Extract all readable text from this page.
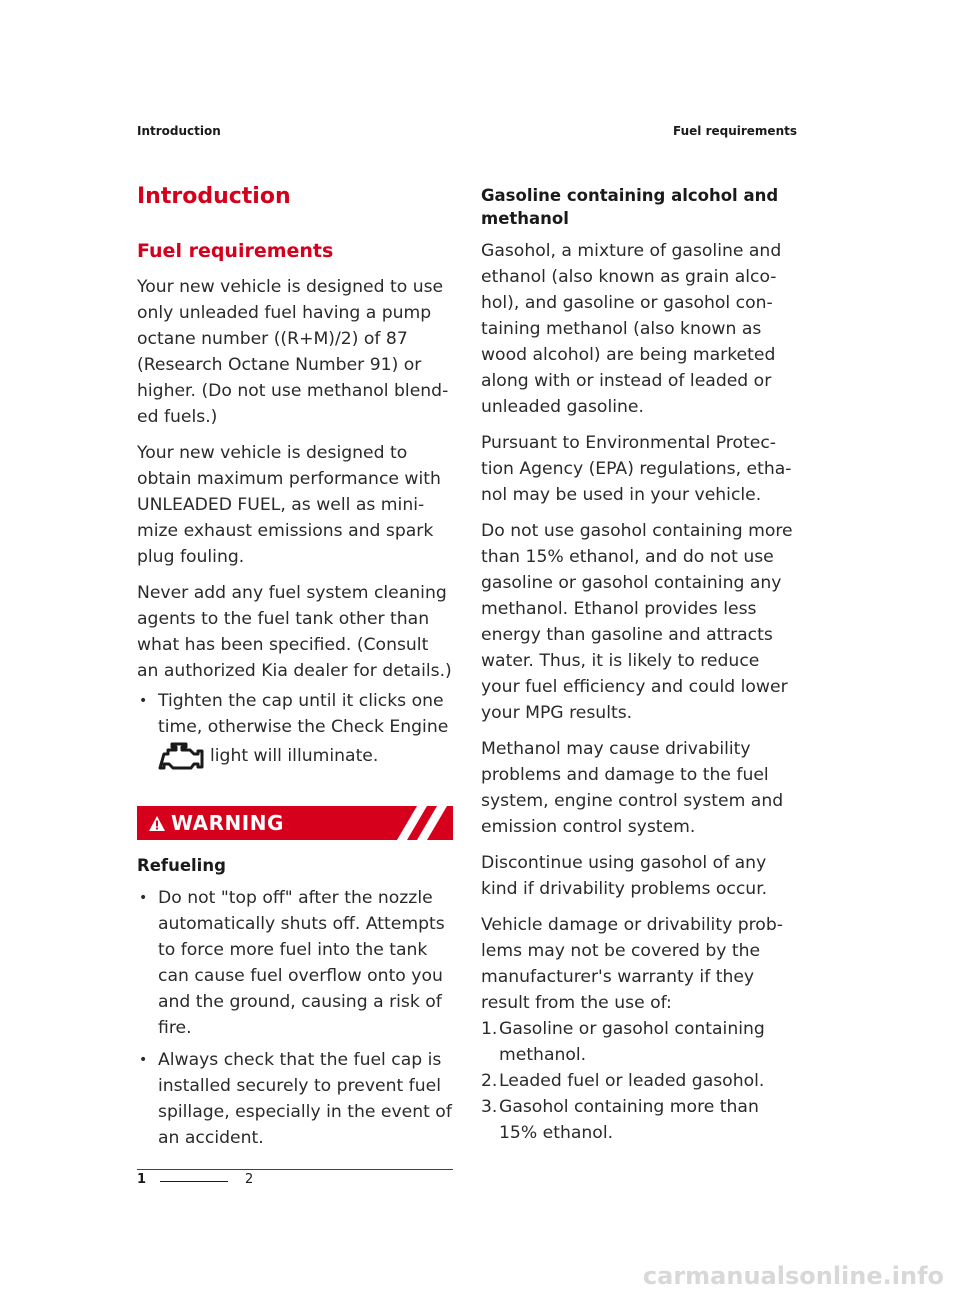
Introduction	Fuel requirements
Introduction
Fuel requirements

Your new vehicle is designed to use only unleaded fuel having a pump octane number ((R+M)/2) of 87 (Research Octane Number 91) or higher. (Do not use methanol blend-ed fuels.)

Your new vehicle is designed to obtain maximum performance with UNLEADED FUEL, as well as mini-mize exhaust emissions and spark plug fouling.

Never add any fuel system cleaning agents to the fuel tank other than what has been specified. (Consult an authorized Kia dealer for details.)

• Tighten the cap until it clicks one time, otherwise the Check Engine
light will illuminate.
WARNING
Refueling
• Do not "top off" after the nozzle automatically shuts off. Attempts to force more fuel into the tank can cause fuel overflow onto you and the ground, causing a risk of fire.
• Always check that the fuel cap is installed securely to prevent fuel spillage, especially in the event of an accident.
Gasoline containing alcohol and methanol

Gasohol, a mixture of gasoline and ethanol (also known as grain alco-hol), and gasoline or gasohol con-taining methanol (also known as wood alcohol) are being marketed along with or instead of leaded or unleaded gasoline.

Pursuant to Environmental Protec-tion Agency (EPA) regulations, etha-nol may be used in your vehicle.

Do not use gasohol containing more than 15% ethanol, and do not use gasoline or gasohol containing any methanol. Ethanol provides less energy than gasoline and attracts water. Thus, it is likely to reduce your fuel efficiency and could lower your MPG results.

Methanol may cause drivability problems and damage to the fuel system, engine control system and emission control system.

Discontinue using gasohol of any kind if drivability problems occur.

Vehicle damage or drivability prob-lems may not be covered by the manufacturer's warranty if they result from the use of:

1. Gasoline or gasohol containing methanol.
2. Leaded fuel or leaded gasohol.
3. Gasohol containing more than 15% ethanol.
1	2
carmanualsonline.info
